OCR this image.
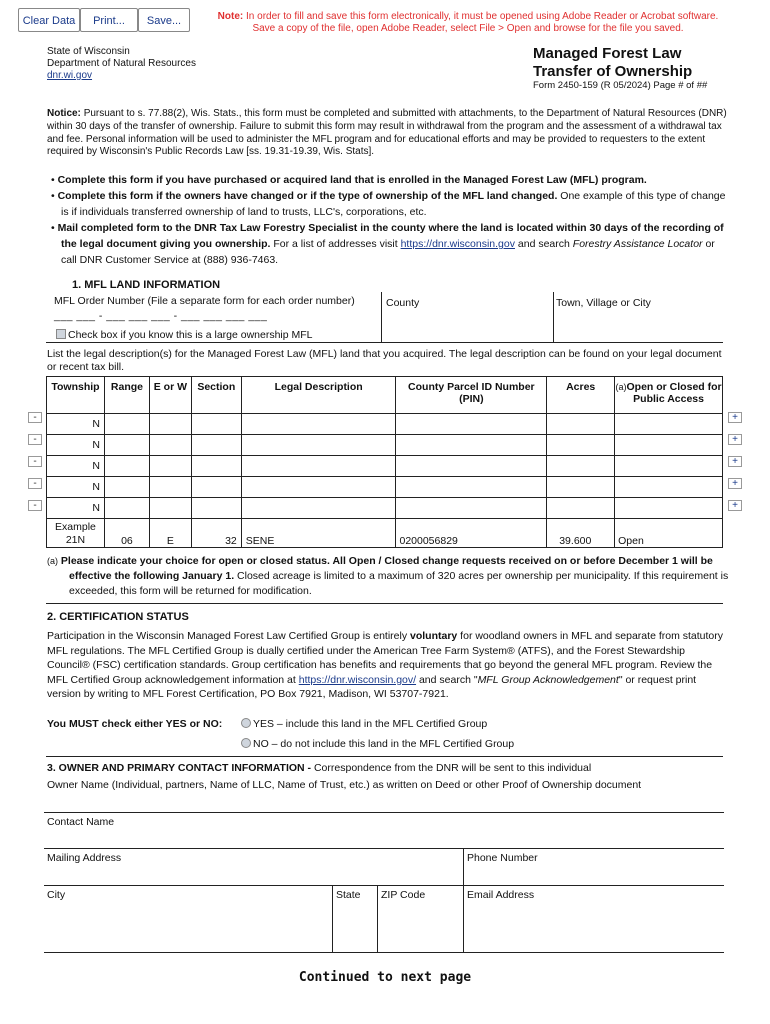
Clear Data	Print...	Save...	Note: In order to fill and save this form electronically, it must be opened using Adobe Reader or Acrobat software.
Save a copy of the file, open Adobe Reader, select File > Open and browse for the file you saved.
State of Wisconsin
Department of Natural Resources
dnr.wi.gov
Managed Forest Law
Transfer of Ownership
Form 2450-159 (R 05/2024) Page # of ##
Notice: Pursuant to s. 77.88(2), Wis. Stats., this form must be completed and submitted with attachments, to the Department of Natural Resources (DNR) within 30 days of the transfer of ownership. Failure to submit this form may result in withdrawal from the program and the assessment of a withdrawal tax and fee. Personal information will be used to administer the MFL program and for educational efforts and may be provided to requesters to the extent required by Wisconsin's Public Records Law [ss. 19.31-19.39, Wis. Stats].
• Complete this form if you have purchased or acquired land that is enrolled in the Managed Forest Law (MFL) program.
• Complete this form if the owners have changed or if the type of ownership of the MFL land changed. One example of this type of change is if individuals transferred ownership of land to trusts, LLC's, corporations, etc.
• Mail completed form to the DNR Tax Law Forestry Specialist in the county where the land is located within 30 days of the recording of the legal document giving you ownership. For a list of addresses visit https://dnr.wisconsin.gov and search Forestry Assistance Locator or call DNR Customer Service at (888) 936-7463.
1. MFL LAND INFORMATION
MFL Order Number (File a separate form for each order number)
___ ___ - ___ ___ ___ - ___ ___ ___ ___
County	Town, Village or City
Check box if you know this is a large ownership MFL
List the legal description(s) for the Managed Forest Law (MFL) land that you acquired. The legal description can be found on your legal document or recent tax bill.
Township	Range	E or W	Section	Legal Description	County Parcel ID Number (PIN)	Acres	(a)Open or Closed for Public Access
N							
N							
N							
N							
N							

Example
21N	06	E	32	SENE	0200056829	39.600	Open
-
-
-
-
-
+
+
+
+
+
(a) Please indicate your choice for open or closed status. All Open / Closed change requests received on or before December 1 will be effective the following January 1. Closed acreage is limited to a maximum of 320 acres per ownership per municipality. If this requirement is exceeded, this form will be returned for modification.
2. CERTIFICATION STATUS
Participation in the Wisconsin Managed Forest Law Certified Group is entirely voluntary for woodland owners in MFL and separate from statutory MFL regulations. The MFL Certified Group is dually certified under the American Tree Farm System® (ATFS), and the Forest Stewardship Council® (FSC) certification standards. Group certification has benefits and requirements that go beyond the general MFL program. Review the MFL Certified Group acknowledgement information at https://dnr.wisconsin.gov/ and search "MFL Group Acknowledgement" or request print version by writing to MFL Forest Certification, PO Box 7921, Madison, WI 53707-7921.
You MUST check either YES or NO:	YES – include this land in the MFL Certified Group
NO – do not include this land in the MFL Certified Group
3. OWNER AND PRIMARY CONTACT INFORMATION - Correspondence from the DNR will be sent to this individual
Owner Name (Individual, partners, Name of LLC, Name of Trust, etc.) as written on Deed or other Proof of Ownership document
Contact Name
Mailing Address	Phone Number
City	State	ZIP Code	Email Address
Continued to next page
